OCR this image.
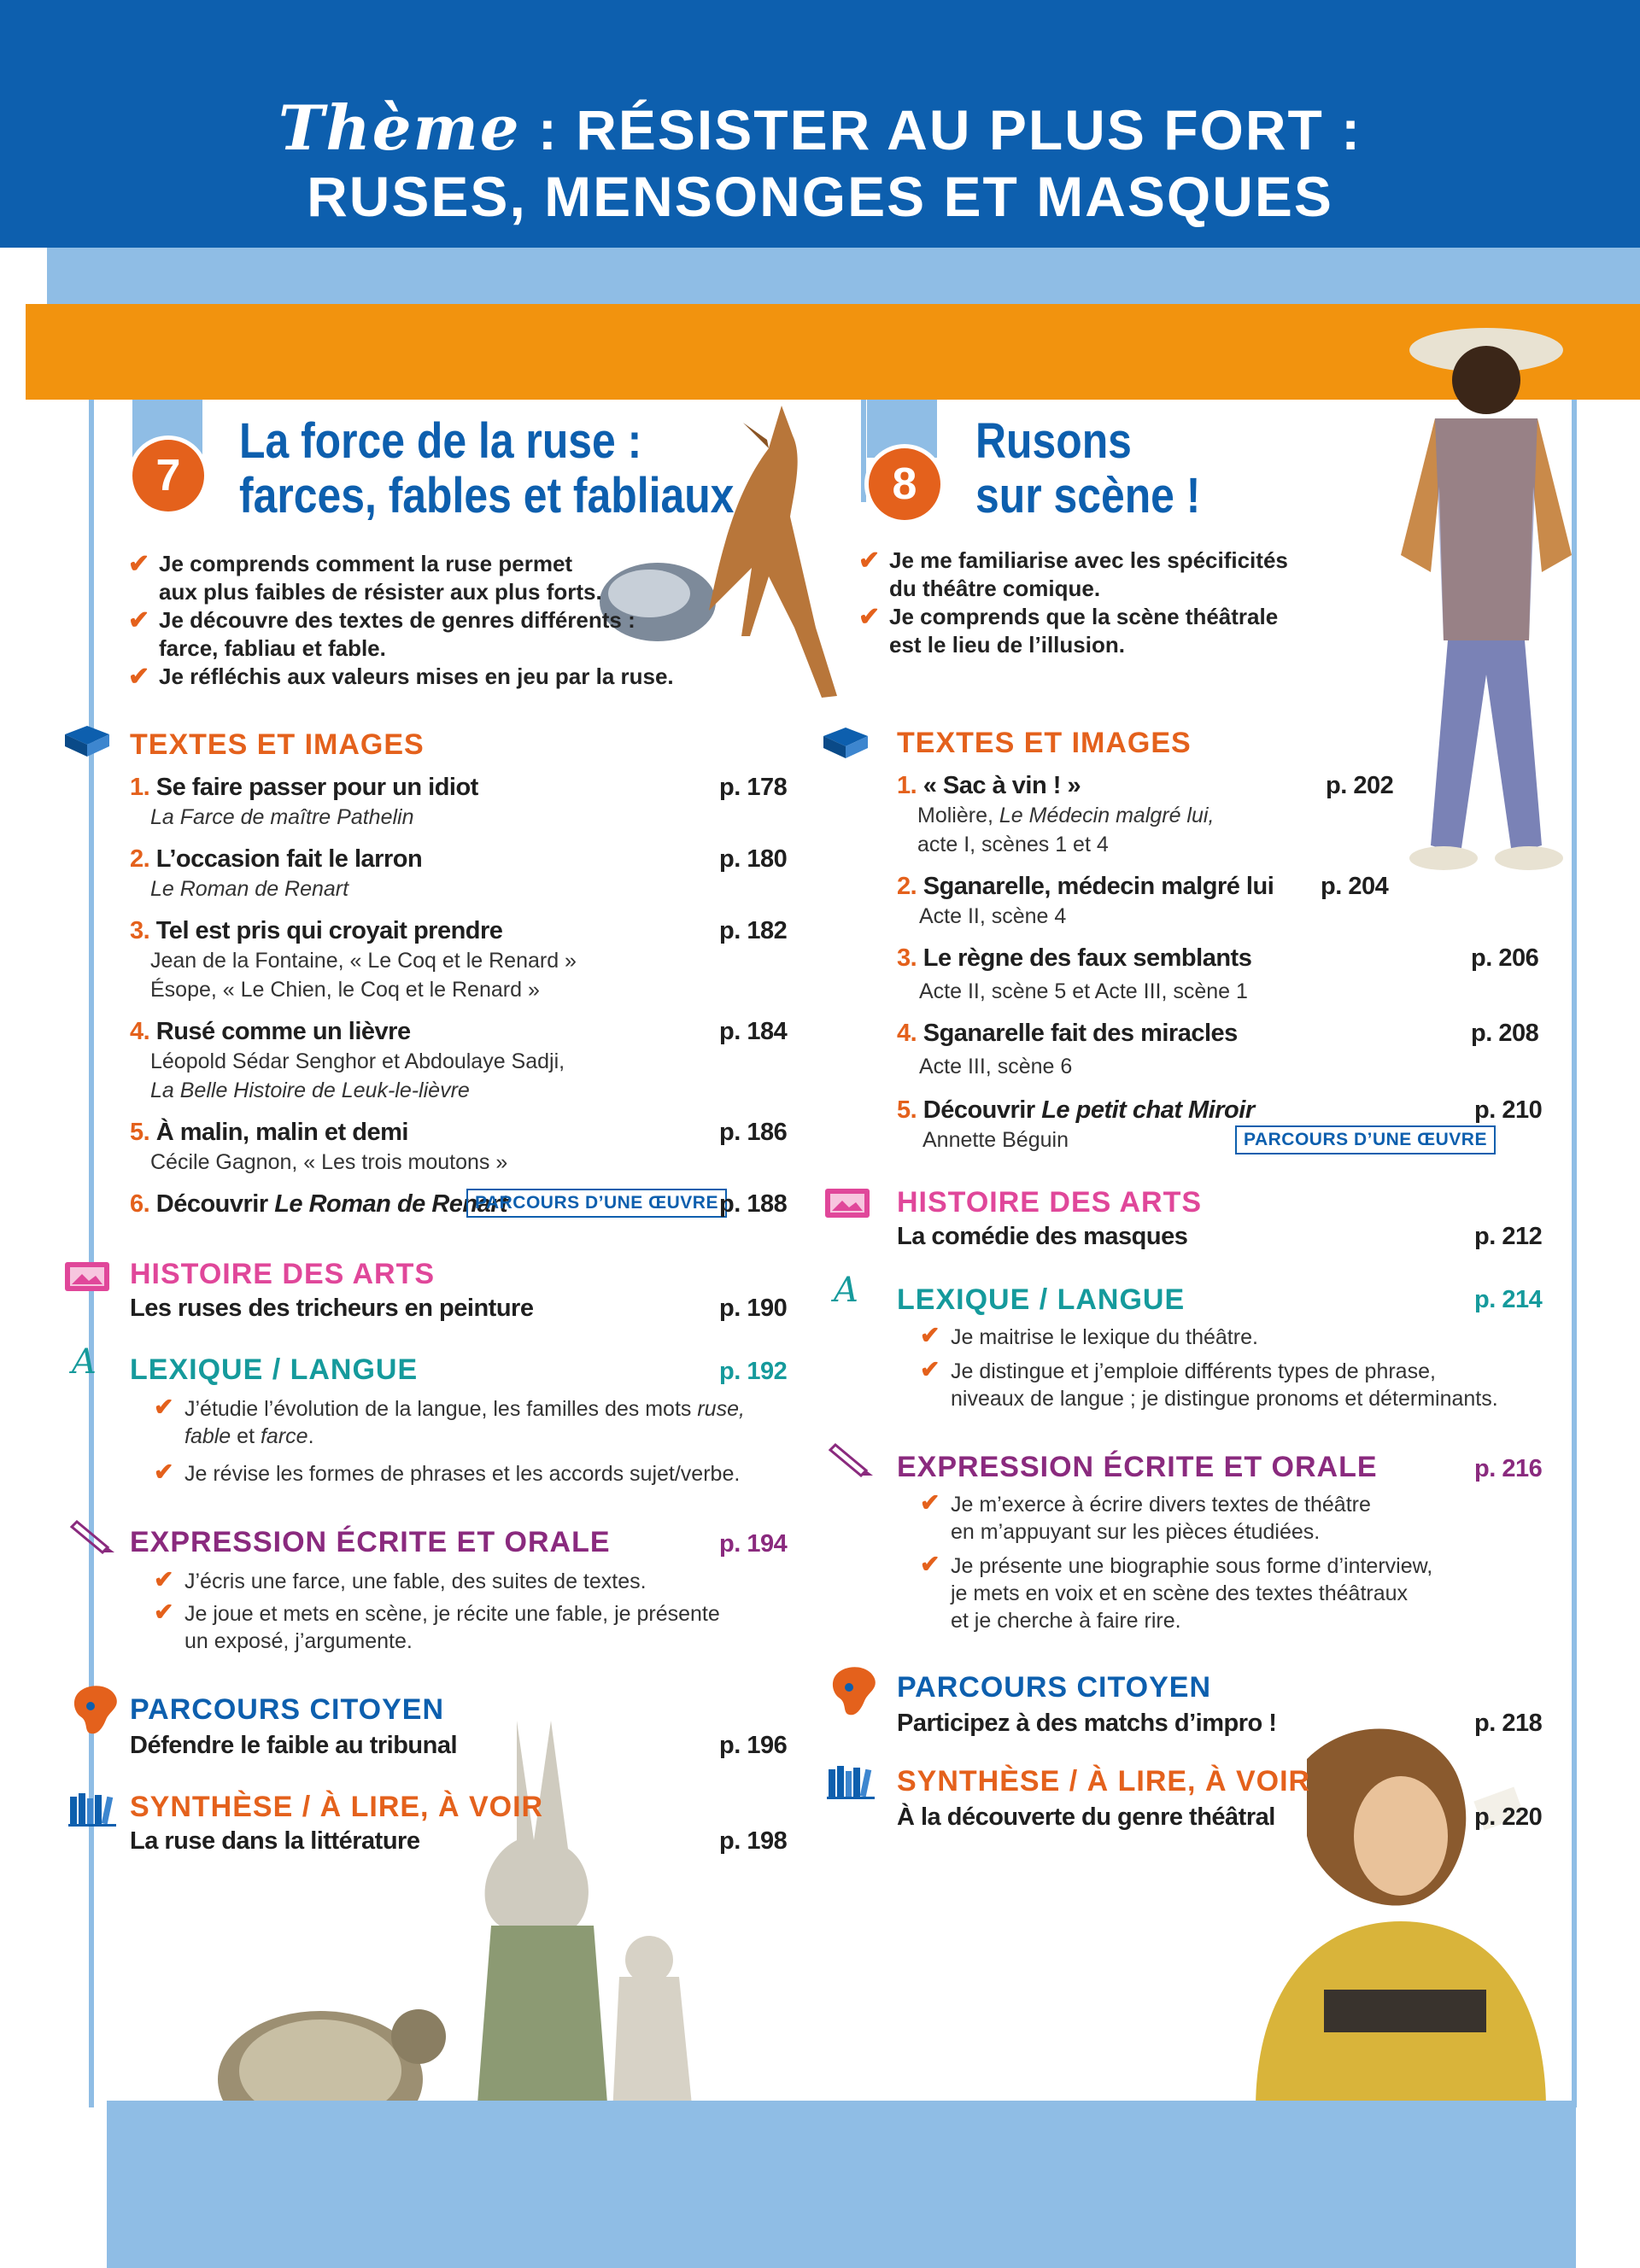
Thème : RÉSISTER AU PLUS FORT :
RUSES, MENSONGES ET MASQUES
7
La force de la ruse :
farces, fables et fabliaux
✔ Je comprends comment la ruse permet
aux plus faibles de résister aux plus forts.
✔ Je découvre des textes de genres différents :
farce, fabliau et fable.
✔ Je réfléchis aux valeurs mises en jeu par la ruse.
8
Rusons
sur scène !
✔ Je me familiarise avec les spécificités
du théâtre comique.
✔ Je comprends que la scène théâtrale
est le lieu de l’illusion.
TEXTES ET IMAGES
1. Se faire passer pour un idiot
La Farce de maître Pathelin
p. 178
2. L’occasion fait le larron
Le Roman de Renart
p. 180
3. Tel est pris qui croyait prendre
Jean de la Fontaine, « Le Coq et le Renard »
Ésope, « Le Chien, le Coq et le Renard »
p. 182
4. Rusé comme un lièvre
Léopold Sédar Senghor et Abdoulaye Sadji,
La Belle Histoire de Leuk-le-lièvre
p. 184
5. À malin, malin et demi
Cécile Gagnon, « Les trois moutons »
p. 186
6. Découvrir Le Roman de Renart
PARCOURS D’UNE ŒUVRE p. 188
HISTOIRE DES ARTS
Les ruses des tricheurs en peinture	p. 190
A LEXIQUE / LANGUE	p. 192
✔ J’étudie l’évolution de la langue, les familles des mots ruse,
fable et farce.
✔ Je révise les formes de phrases et les accords sujet/verbe.
EXPRESSION ÉCRITE ET ORALE	p. 194
✔ J’écris une farce, une fable, des suites de textes.
✔ Je joue et mets en scène, je récite une fable, je présente
un exposé, j’argumente.
PARCOURS CITOYEN
Défendre le faible au tribunal	p. 196
SYNTHÈSE / À LIRE, À VOIR
La ruse dans la littérature	p. 198
TEXTES ET IMAGES
1. « Sac à vin ! »
Molière, Le Médecin malgré lui,
acte I, scènes 1 et 4
p. 202
2. Sganarelle, médecin malgré lui
Acte II, scène 4
p. 204
3. Le règne des faux semblants
Acte II, scène 5 et Acte III, scène 1
p. 206
4. Sganarelle fait des miracles
Acte III, scène 6
p. 208
5. Découvrir Le petit chat Miroir
Annette Béguin	PARCOURS D’UNE ŒUVRE
p. 210
HISTOIRE DES ARTS
La comédie des masques	p. 212
A LEXIQUE / LANGUE	p. 214
✔ Je maitrise le lexique du théâtre.
✔ Je distingue et j’emploie différents types de phrase,
niveaux de langue ; je distingue pronoms et déterminants.
EXPRESSION ÉCRITE ET ORALE	p. 216
✔ Je m’exerce à écrire divers textes de théâtre
en m’appuyant sur les pièces étudiées.
✔ Je présente une biographie sous forme d’interview,
je mets en voix et en scène des textes théâtraux
et je cherche à faire rire.
PARCOURS CITOYEN
Participez à des matchs d’impro !	p. 218
SYNTHÈSE / À LIRE, À VOIR
À la découverte du genre théâtral	p. 220
